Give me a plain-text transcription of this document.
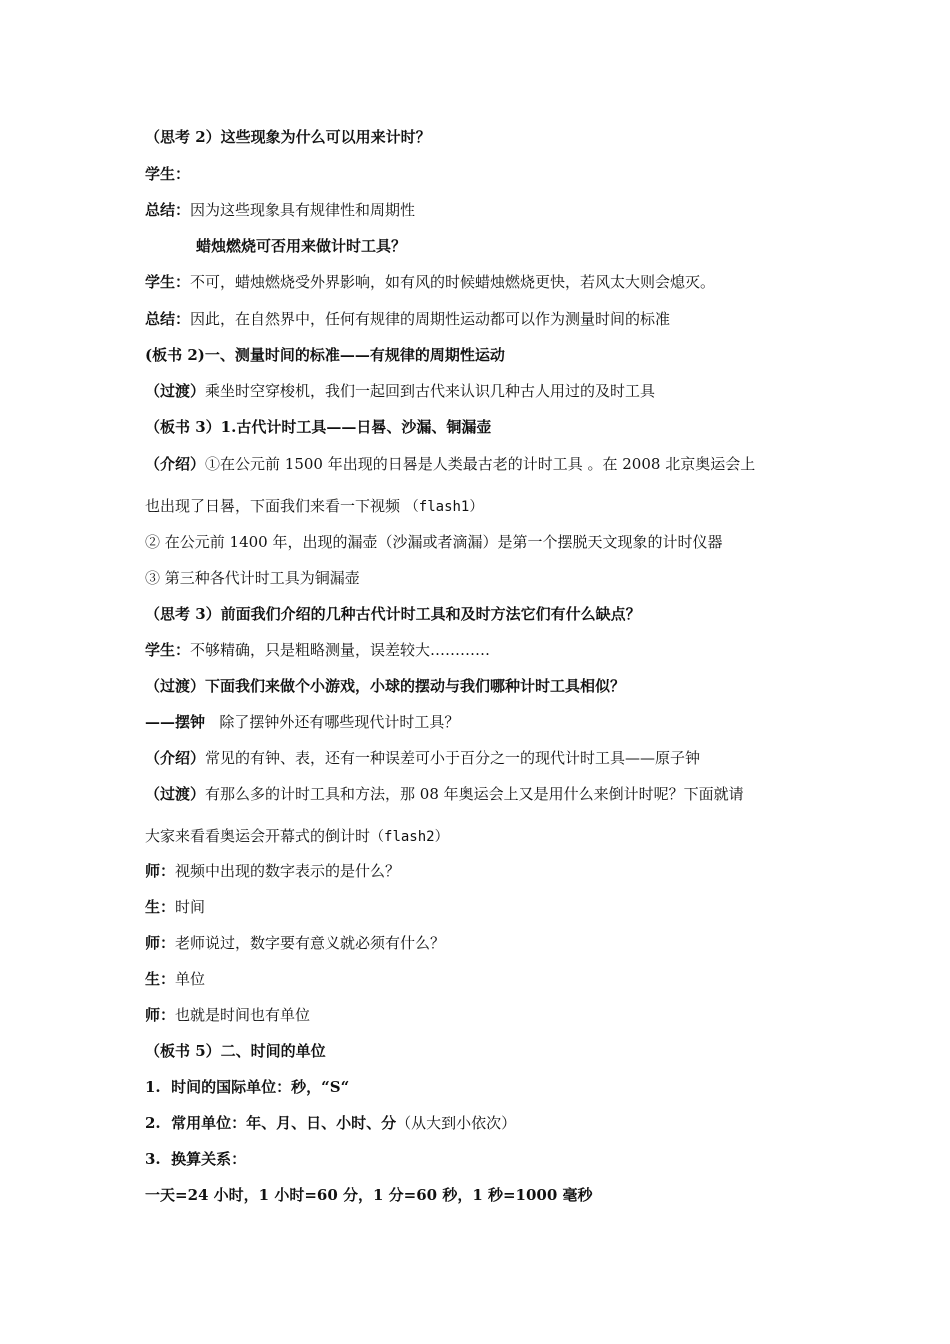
（思考 2）这些现象为什么可以用来计时？
学生：
总结：因为这些现象具有规律性和周期性
蜡烛燃烧可否用来做计时工具？
学生：不可，蜡烛燃烧受外界影响，如有风的时候蜡烛燃烧更快，若风太大则会熄灭。
总结：因此，在自然界中，任何有规律的周期性运动都可以作为测量时间的标准
(板书 2)一、测量时间的标准——有规律的周期性运动
（过渡）乘坐时空穿梭机，我们一起回到古代来认识几种古人用过的及时工具
（板书 3）1.古代计时工具——日晷、沙漏、铜漏壶
（介绍）①在公元前 1500 年出现的日晷是人类最古老的计时工具 。在 2008 北京奥运会上
也出现了日晷，下面我们来看一下视频 （flash1）
② 在公元前 1400 年，出现的漏壶（沙漏或者滴漏）是第一个摆脱天文现象的计时仪器
③ 第三种各代计时工具为铜漏壶
（思考 3）前面我们介绍的几种古代计时工具和及时方法它们有什么缺点？
学生：不够精确，只是粗略测量，误差较大…………
（过渡）下面我们来做个小游戏，小球的摆动与我们哪种计时工具相似？
——摆钟   除了摆钟外还有哪些现代计时工具？
（介绍）常见的有钟、表，还有一种误差可小于百分之一的现代计时工具——原子钟
（过渡）有那么多的计时工具和方法，那 08 年奥运会上又是用什么来倒计时呢？下面就请
大家来看看奥运会开幕式的倒计时（flash2）
师：视频中出现的数字表示的是什么？
生：时间
师：老师说过，数字要有意义就必须有什么？
生：单位
师：也就是时间也有单位
（板书 5）二、时间的单位
1.  时间的国际单位：秒，“S“
2.  常用单位：年、月、日、小时、分（从大到小依次）
3.  换算关系：
一天=24 小时，1 小时=60 分，1 分=60 秒，1 秒=1000 毫秒
